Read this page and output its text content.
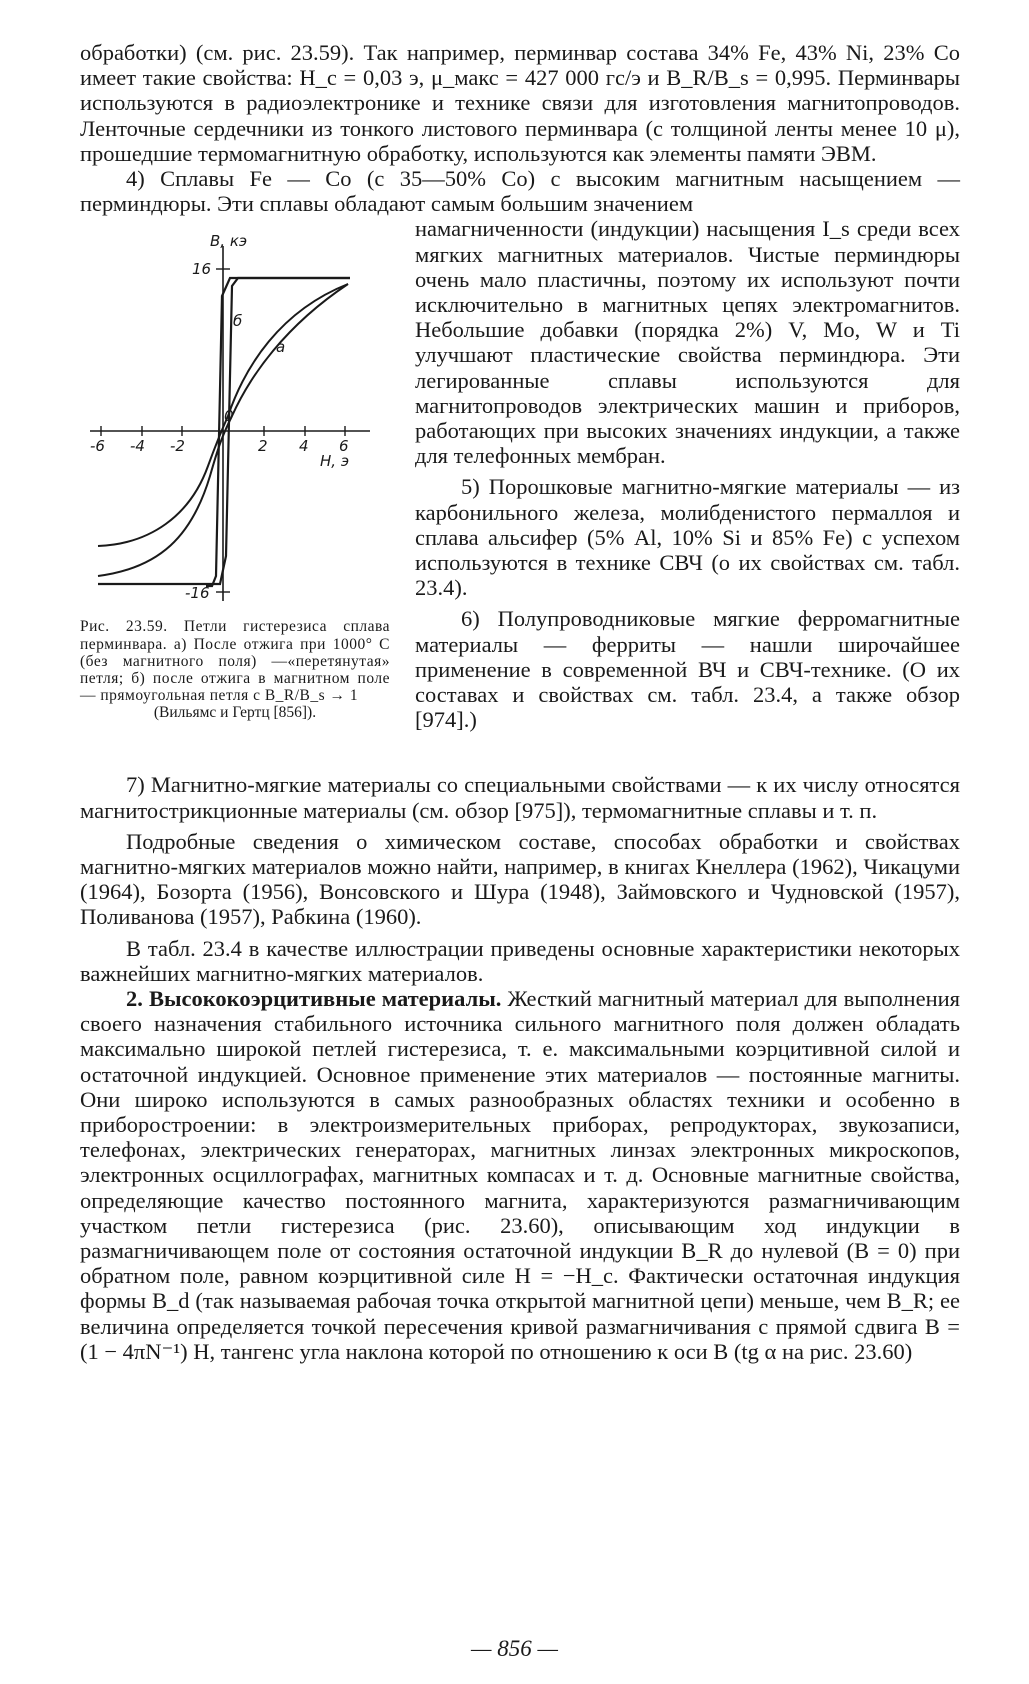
обработки) (см. рис. 23.59). Так например, перминвар состава 34% Fe, 43% Ni, 23% Co имеет такие свойства: H_c = 0,03 э, μ_макс = 427 000 гс/э и B_R/B_s = 0,995. Перминвары используются в радиоэлектронике и технике связи для изготовления магнитопроводов. Ленточные сердечники из тонкого листового перминвара (с толщиной ленты менее 10 μ), прошедшие термомагнитную обработку, используются как элементы памяти ЭВМ.

4) Сплавы Fe — Co (с 35—50% Co) с высоким магнитным насыщением — перминдюры. Эти сплавы обладают самым большим значением

B, кэ
H, э
16
-16
0
-6 -4 -2	2 4 6
а
б

Рис. 23.59. Петли гистерезиса сплава перминвара. а) После отжига при 1000° С (без магнитного поля) —«перетянутая» петля; б) после отжига в магнитном поле — прямоугольная петля с B_R/B_s → 1
(Вильямс и Гертц [856]).

намагниченности (индукции) насыщения I_s среди всех мягких магнитных материалов. Чистые перминдюры очень мало пластичны, поэтому их используют почти исключительно в магнитных цепях электромагнитов. Небольшие добавки (порядка 2%) V, Mo, W и Ti улучшают пластические свойства перминдюра. Эти легированные сплавы используются для магнитопроводов электрических машин и приборов, работающих при высоких значениях индукции, а также для телефонных мембран.

5) Порошковые магнитно-мягкие материалы — из карбонильного железа, молибденистого пермаллоя и сплава альсифер (5% Al, 10% Si и 85% Fe) с успехом используются в технике СВЧ (о их свойствах см. табл. 23.4).

6) Полупроводниковые мягкие ферромагнитные материалы — ферриты — нашли широчайшее применение в современной ВЧ и СВЧ-технике. (О их составах и свойствах см. табл. 23.4, а также обзор [974].)

7) Магнитно-мягкие материалы со специальными свойствами — к их числу относятся магнитострикционные материалы (см. обзор [975]), термомагнитные сплавы и т. п.

Подробные сведения о химическом составе, способах обработки и свойствах магнитно-мягких материалов можно найти, например, в книгах Кнеллера (1962), Чикацуми (1964), Бозорта (1956), Вонсовского и Шура (1948), Займовского и Чудновской (1957), Поливанова (1957), Рабкина (1960).

В табл. 23.4 в качестве иллюстрации приведены основные характеристики некоторых важнейших магнитно-мягких материалов.

2. Высококоэрцитивные материалы. Жесткий магнитный материал для выполнения своего назначения стабильного источника сильного магнитного поля должен обладать максимально широкой петлей гистерезиса, т. е. максимальными коэрцитивной силой и остаточной индукцией. Основное применение этих материалов — постоянные магниты. Они широко используются в самых разнообразных областях техники и особенно в приборостроении: в электроизмерительных приборах, репродукторах, звукозаписи, телефонах, электрических генераторах, магнитных линзах электронных микроскопов, электронных осциллографах, магнитных компасах и т. д. Основные магнитные свойства, определяющие качество постоянного магнита, характеризуются размагничивающим участком петли гистерезиса (рис. 23.60), описывающим ход индукции в размагничивающем поле от состояния остаточной индукции B_R до нулевой (B = 0) при обратном поле, равном коэрцитивной силе H = −H_c. Фактически остаточная индукция формы B_d (так называемая рабочая точка открытой магнитной цепи) меньше, чем B_R; ее величина определяется точкой пересечения кривой размагничивания с прямой сдвига B = (1 − 4πN⁻¹) H, тангенс угла наклона которой по отношению к оси B (tg α на рис. 23.60)

— 856 —
